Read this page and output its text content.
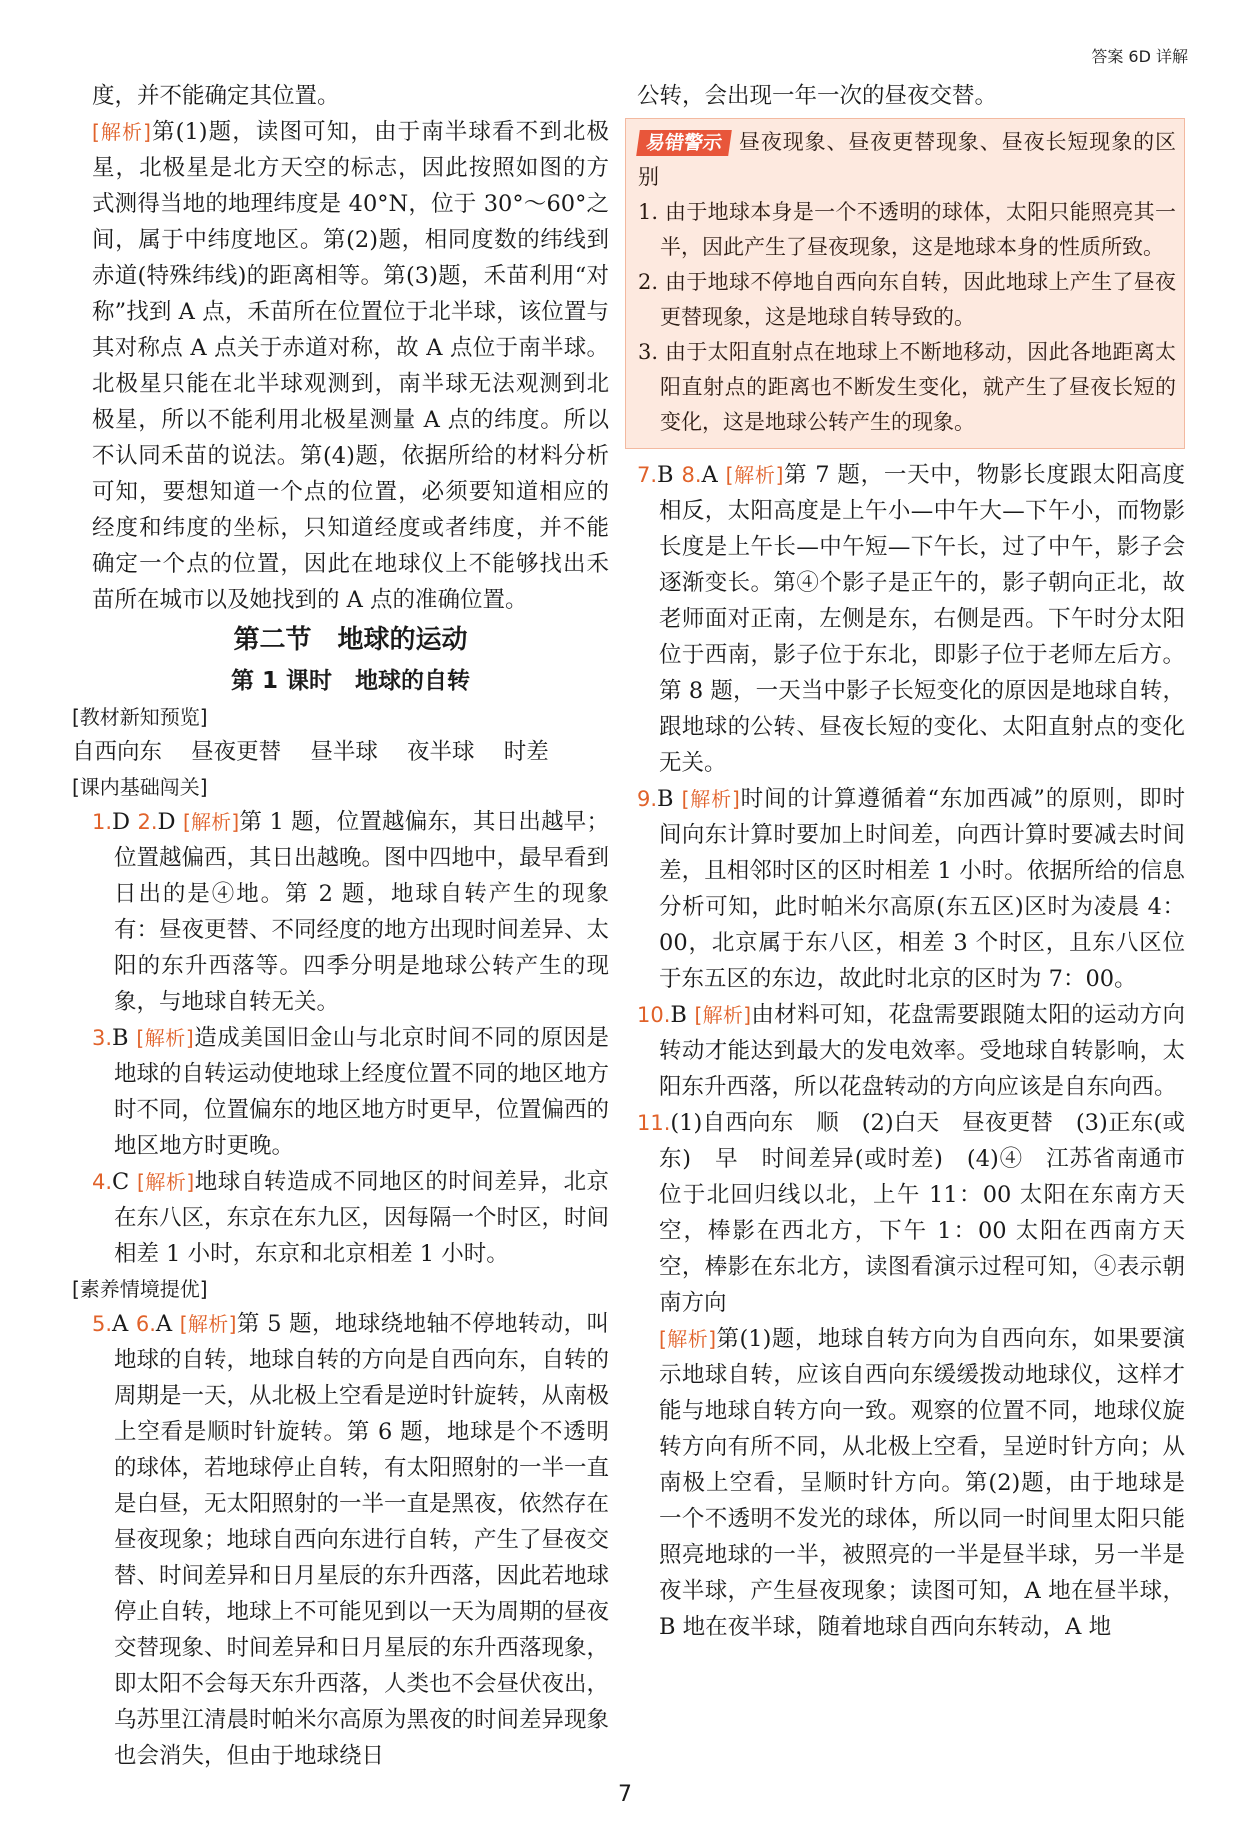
答案 6D 详解

度，并不能确定其位置。

[解析]第(1)题，读图可知，由于南半球看不到北极星，北极星是北方天空的标志，因此按照如图的方式测得当地的地理纬度是 40°N，位于 30°～60°之间，属于中纬度地区。第(2)题，相同度数的纬线到赤道(特殊纬线)的距离相等。第(3)题，禾苗利用“对称”找到 A 点，禾苗所在位置位于北半球，该位置与其对称点 A 点关于赤道对称，故 A 点位于南半球。北极星只能在北半球观测到，南半球无法观测到北极星，所以不能利用北极星测量 A 点的纬度。所以不认同禾苗的说法。第(4)题，依据所给的材料分析可知，要想知道一个点的位置，必须要知道相应的经度和纬度的坐标，只知道经度或者纬度，并不能确定一个点的位置，因此在地球仪上不能够找出禾苗所在城市以及她找到的 A 点的准确位置。

第二节　地球的运动
第 1 课时　地球的自转
[教材新知预览]

自西向东 昼夜更替 昼半球 夜半球 时差

[课内基础闯关]

1.D 2.D [解析]第 1 题，位置越偏东，其日出越早；位置越偏西，其日出越晚。图中四地中，最早看到日出的是④地。第 2 题，地球自转产生的现象有：昼夜更替、不同经度的地方出现时间差异、太阳的东升西落等。四季分明是地球公转产生的现象，与地球自转无关。

3.B [解析]造成美国旧金山与北京时间不同的原因是地球的自转运动使地球上经度位置不同的地区地方时不同，位置偏东的地区地方时更早，位置偏西的地区地方时更晚。

4.C [解析]地球自转造成不同地区的时间差异，北京在东八区，东京在东九区，因每隔一个时区，时间相差 1 小时，东京和北京相差 1 小时。

[素养情境提优]

5.A 6.A [解析]第 5 题，地球绕地轴不停地转动，叫地球的自转，地球自转的方向是自西向东，自转的周期是一天，从北极上空看是逆时针旋转，从南极上空看是顺时针旋转。第 6 题，地球是个不透明的球体，若地球停止自转，有太阳照射的一半一直是白昼，无太阳照射的一半一直是黑夜，依然存在昼夜现象；地球自西向东进行自转，产生了昼夜交替、时间差异和日月星辰的东升西落，因此若地球停止自转，地球上不可能见到以一天为周期的昼夜交替现象、时间差异和日月星辰的东升西落现象，即太阳不会每天东升西落，人类也不会昼伏夜出，乌苏里江清晨时帕米尔高原为黑夜的时间差异现象也会消失，但由于地球绕日

公转，会出现一年一次的昼夜交替。

易错警示 昼夜现象、昼夜更替现象、昼夜长短现象的区别
1. 由于地球本身是一个不透明的球体，太阳只能照亮其一半，因此产生了昼夜现象，这是地球本身的性质所致。
2. 由于地球不停地自西向东自转，因此地球上产生了昼夜更替现象，这是地球自转导致的。
3. 由于太阳直射点在地球上不断地移动，因此各地距离太阳直射点的距离也不断发生变化，就产生了昼夜长短的变化，这是地球公转产生的现象。

7.B 8.A [解析]第 7 题，一天中，物影长度跟太阳高度相反，太阳高度是上午小—中午大—下午小，而物影长度是上午长—中午短—下午长，过了中午，影子会逐渐变长。第④个影子是正午的，影子朝向正北，故老师面对正南，左侧是东，右侧是西。下午时分太阳位于西南，影子位于东北，即影子位于老师左后方。第 8 题，一天当中影子长短变化的原因是地球自转，跟地球的公转、昼夜长短的变化、太阳直射点的变化无关。

9.B [解析]时间的计算遵循着“东加西减”的原则，即时间向东计算时要加上时间差，向西计算时要减去时间差，且相邻时区的区时相差 1 小时。依据所给的信息分析可知，此时帕米尔高原(东五区)区时为凌晨 4：00，北京属于东八区，相差 3 个时区，且东八区位于东五区的东边，故此时北京的区时为 7：00。

10.B [解析]由材料可知，花盘需要跟随太阳的运动方向转动才能达到最大的发电效率。受地球自转影响，太阳东升西落，所以花盘转动的方向应该是自东向西。

11.(1)自西向东　顺　(2)白天　昼夜更替　(3)正东(或东)　早　时间差异(或时差)　(4)④　江苏省南通市位于北回归线以北，上午 11：00 太阳在东南方天空，棒影在西北方，下午 1：00 太阳在西南方天空，棒影在东北方，读图看演示过程可知，④表示朝南方向

[解析]第(1)题，地球自转方向为自西向东，如果要演示地球自转，应该自西向东缓缓拨动地球仪，这样才能与地球自转方向一致。观察的位置不同，地球仪旋转方向有所不同，从北极上空看，呈逆时针方向；从南极上空看，呈顺时针方向。第(2)题，由于地球是一个不透明不发光的球体，所以同一时间里太阳只能照亮地球的一半，被照亮的一半是昼半球，另一半是夜半球，产生昼夜现象；读图可知，A 地在昼半球，B 地在夜半球，随着地球自西向东转动，A 地

7
